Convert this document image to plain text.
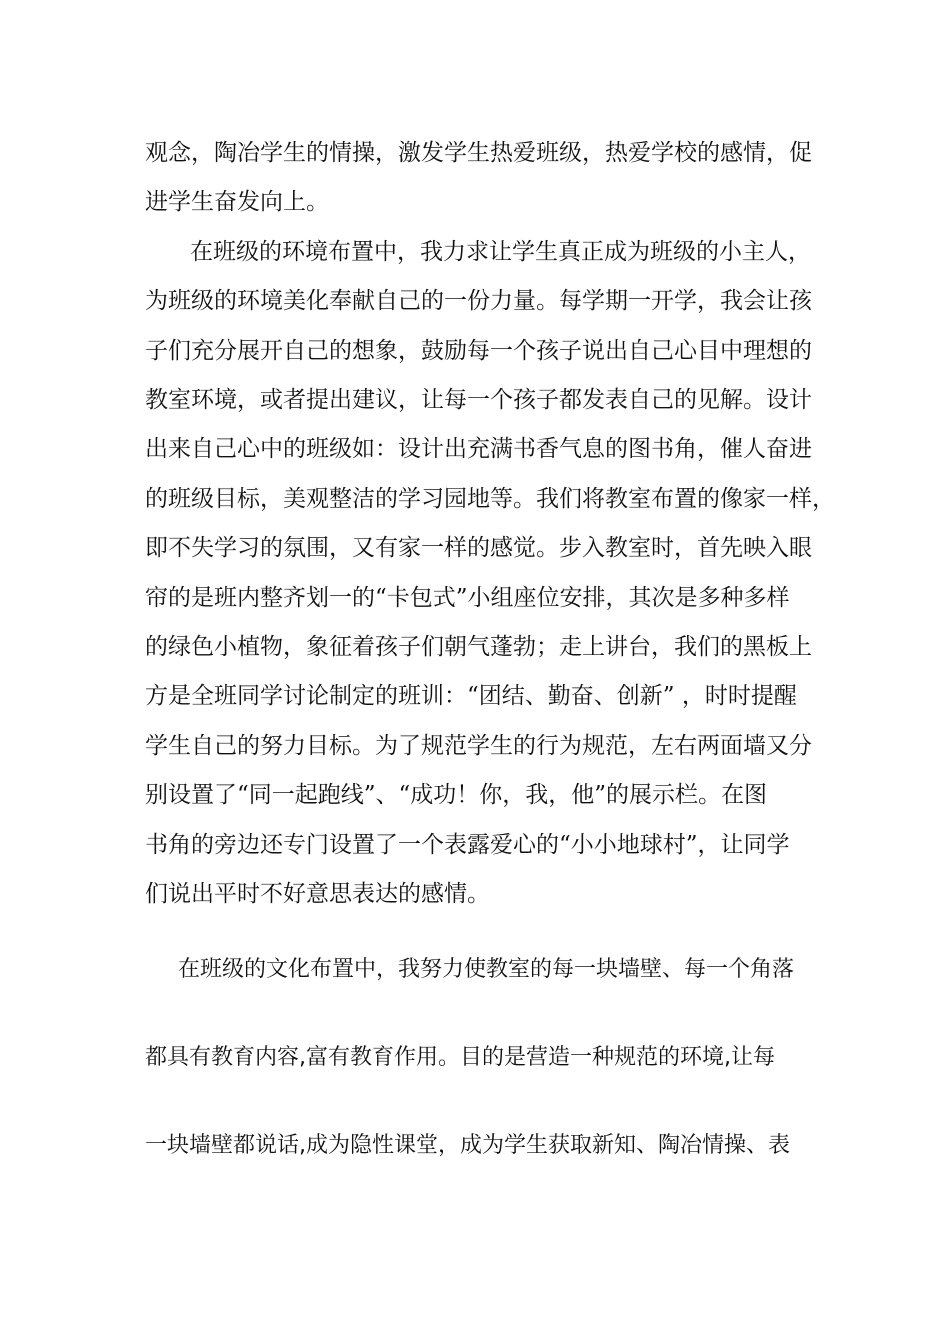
观念，陶冶学生的情操，激发学生热爱班级，热爱学校的感情，促
进学生奋发向上。
在班级的环境布置中，我力求让学生真正成为班级的小主人，
为班级的环境美化奉献自己的一份力量。每学期一开学，我会让孩
子们充分展开自己的想象，鼓励每一个孩子说出自己心目中理想的
教室环境，或者提出建议，让每一个孩子都发表自己的见解。设计
出来自己心中的班级如：设计出充满书香气息的图书角，催人奋进
的班级目标，美观整洁的学习园地等。我们将教室布置的像家一样，
即不失学习的氛围，又有家一样的感觉。步入教室时，首先映入眼
帘的是班内整齐划一的“卡包式”小组座位安排，其次是多种多样
的绿色小植物，象征着孩子们朝气蓬勃；走上讲台，我们的黑板上
方是全班同学讨论制定的班训：“团结、勤奋、创新” ，时时提醒
学生自己的努力目标。为了规范学生的行为规范，左右两面墙又分
别设置了“同一起跑线”、“成功！你，我，他”的展示栏。在图
书角的旁边还专门设置了一个表露爱心的“小小地球村”，让同学
们说出平时不好意思表达的感情。
在班级的文化布置中，我努力使教室的每一块墙壁、每一个角落
都具有教育内容,富有教育作用。目的是营造一种规范的环境,让每
一块墙壁都说话,成为隐性课堂，成为学生获取新知、陶冶情操、表
